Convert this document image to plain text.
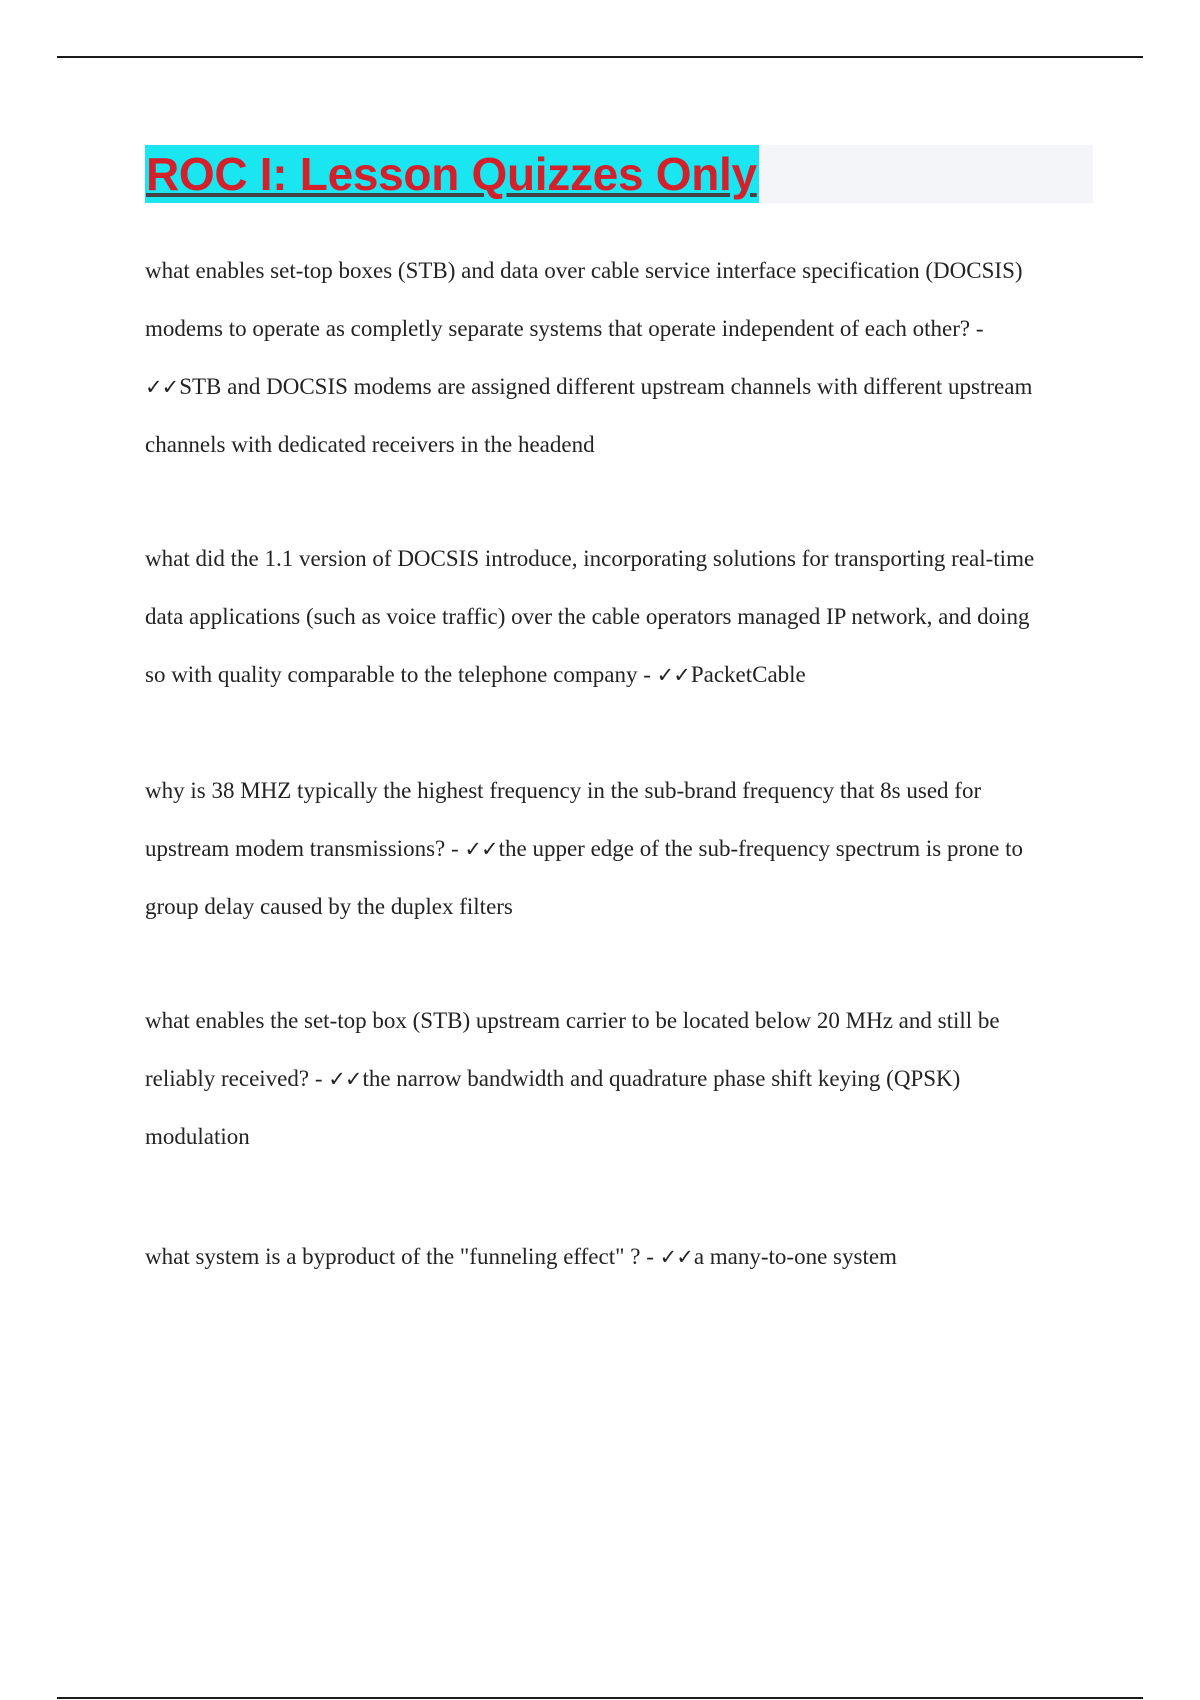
ROC I: Lesson Quizzes Only
what enables set-top boxes (STB) and data over cable service interface specification (DOCSIS)
modems to operate as completly separate systems that operate independent of each other? -
✓✓STB and DOCSIS modems are assigned different upstream channels with different upstream
channels with dedicated receivers in the headend
what did the 1.1 version of DOCSIS introduce, incorporating solutions for transporting real-time
data applications (such as voice traffic) over the cable operators managed IP network, and doing
so with quality comparable to the telephone company - ✓✓PacketCable
why is 38 MHZ typically the highest frequency in the sub-brand frequency that 8s used for
upstream modem transmissions? - ✓✓the upper edge of the sub-frequency spectrum is prone to
group delay caused by the duplex filters
what enables the set-top box (STB) upstream carrier to be located below 20 MHz and still be
reliably received? - ✓✓the narrow bandwidth and quadrature phase shift keying (QPSK)
modulation
what system is a byproduct of the "funneling effect" ? - ✓✓a many-to-one system
